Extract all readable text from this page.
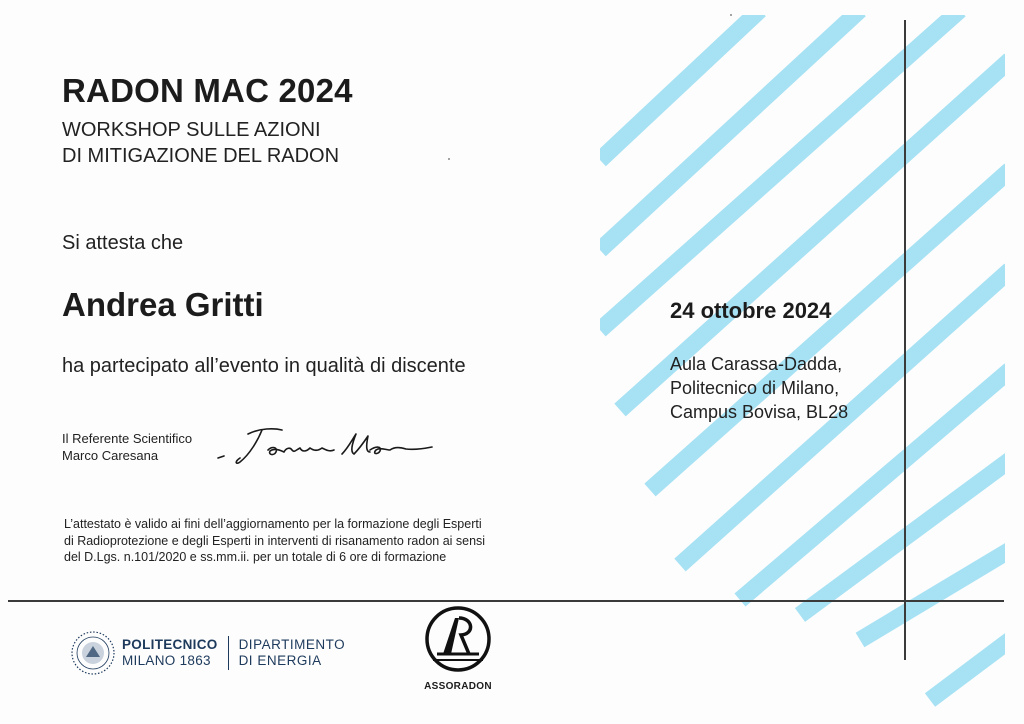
RADON MAC 2024
WORKSHOP SULLE AZIONI
DI MITIGAZIONE DEL RADON
Si attesta che
Andrea Gritti
ha partecipato all’evento in qualità di discente
Il Referente Scientifico
Marco Caresana
L’attestato è valido ai fini dell’aggiornamento per la formazione degli Esperti
di Radioprotezione e degli Esperti in interventi di risanamento radon ai sensi
del D.Lgs. n.101/2020 e ss.mm.ii. per un totale di 6 ore di formazione
24 ottobre 2024
Aula Carassa-Dadda,
Politecnico di Milano,
Campus Bovisa, BL28
POLITECNICO
MILANO 1863
DIPARTIMENTO
DI ENERGIA
ASSORADON
